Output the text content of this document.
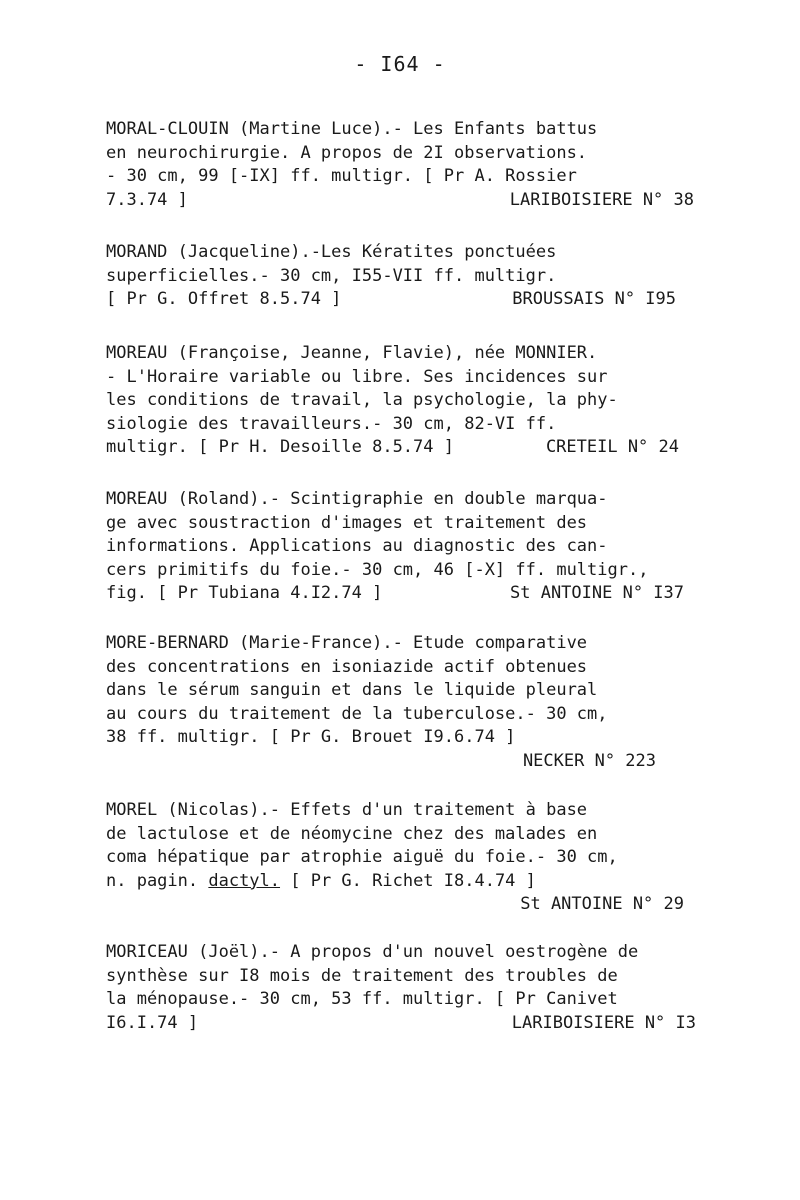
- I64 -
MORAL-CLOUIN (Martine Luce).- Les Enfants battus
en neurochirurgie. A propos de 2I observations.
- 30 cm, 99 [-IX] ff. multigr. [ Pr A. Rossier
7.3.74 ]	LARIBOISIERE N° 38
MORAND (Jacqueline).-Les Kératites ponctuées
superficielles.- 30 cm, I55-VII ff. multigr.
[ Pr G. Offret 8.5.74 ]	BROUSSAIS N° I95
MOREAU (Françoise, Jeanne, Flavie), née MONNIER.
- L'Horaire variable ou libre. Ses incidences sur
les conditions de travail, la psychologie, la phy-
siologie des travailleurs.- 30 cm, 82-VI ff.
multigr. [ Pr H. Desoille 8.5.74 ]	CRETEIL N° 24
MOREAU (Roland).- Scintigraphie en double marqua-
ge avec soustraction d'images et traitement des
informations. Applications au diagnostic des can-
cers primitifs du foie.- 30 cm, 46 [-X] ff. multigr.,
fig. [ Pr Tubiana 4.I2.74 ]	St ANTOINE N° I37
MORE-BERNARD (Marie-France).- Etude comparative
des concentrations en isoniazide actif obtenues
dans le sérum sanguin et dans le liquide pleural
au cours du traitement de la tuberculose.- 30 cm,
38 ff. multigr. [ Pr G. Brouet I9.6.74 ]
NECKER N° 223
MOREL (Nicolas).- Effets d'un traitement à base
de lactulose et de néomycine chez des malades en
coma hépatique par atrophie aiguë du foie.- 30 cm,
n. pagin. dactyl. [ Pr G. Richet I8.4.74 ]
St ANTOINE N° 29
MORICEAU (Joël).- A propos d'un nouvel oestrogène de
synthèse sur I8 mois de traitement des troubles de
la ménopause.- 30 cm, 53 ff. multigr. [ Pr Canivet
I6.I.74 ]	LARIBOISIERE N° I3
